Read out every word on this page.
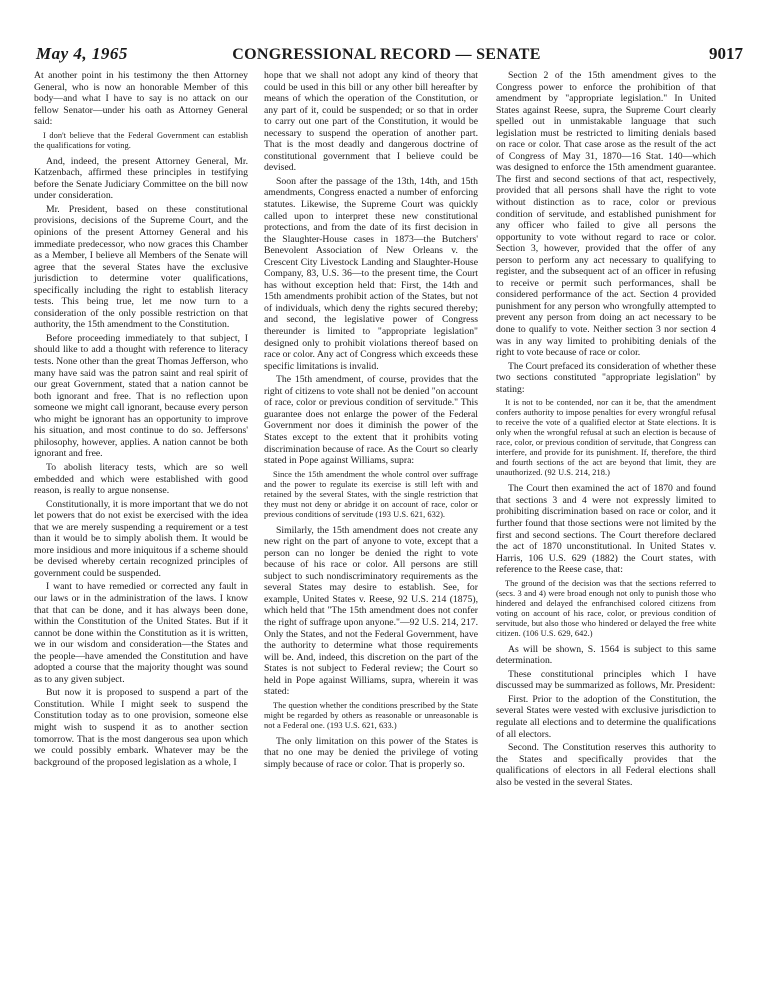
May 4, 1965	CONGRESSIONAL RECORD — SENATE	9017

At another point in his testimony the then Attorney General, who is now an honorable Member of this body—and what I have to say is no attack on our fellow Senator—under his oath as Attorney General said:

I don't believe that the Federal Government can establish the qualifications for voting.

And, indeed, the present Attorney General, Mr. Katzenbach, affirmed these principles in testifying before the Senate Judiciary Committee on the bill now under consideration.

Mr. President, based on these constitutional provisions, decisions of the Supreme Court, and the opinions of the present Attorney General and his immediate predecessor, who now graces this Chamber as a Member, I believe all Members of the Senate will agree that the several States have the exclusive jurisdiction to determine voter qualifications, specifically including the right to establish literacy tests. This being true, let me now turn to a consideration of the only possible restriction on that authority, the 15th amendment to the Constitution.

Before proceeding immediately to that subject, I should like to add a thought with reference to literacy tests. None other than the great Thomas Jefferson, who many have said was the patron saint and real spirit of our great Government, stated that a nation cannot be both ignorant and free. That is no reflection upon someone we might call ignorant, because every person who might be ignorant has an opportunity to improve his situation, and most continue to do so. Jeffersons' philosophy, however, applies. A nation cannot be both ignorant and free.

To abolish literacy tests, which are so well embedded and which were established with good reason, is really to argue nonsense.

Constitutionally, it is more important that we do not let powers that do not exist be exercised with the idea that we are merely suspending a requirement or a test than it would be to simply abolish them. It would be more insidious and more iniquitous if a scheme should be devised whereby certain recognized principles of government could be suspended.

I want to have remedied or corrected any fault in our laws or in the administration of the laws. I know that that can be done, and it has always been done, within the Constitution of the United States. But if it cannot be done within the Constitution as it is written, we in our wisdom and consideration—the States and the people—have amended the Constitution and have adopted a course that the majority thought was sound as to any given subject.

But now it is proposed to suspend a part of the Constitution. While I might seek to suspend the Constitution today as to one provision, someone else might wish to suspend it as to another section tomorrow. That is the most dangerous sea upon which we could possibly embark. Whatever may be the background of the proposed legislation as a whole, I

hope that we shall not adopt any kind of theory that could be used in this bill or any other bill hereafter by means of which the operation of the Constitution, or any part of it, could be suspended; or so that in order to carry out one part of the Constitution, it would be necessary to suspend the operation of another part. That is the most deadly and dangerous doctrine of constitutional government that I believe could be devised.

Soon after the passage of the 13th, 14th, and 15th amendments, Congress enacted a number of enforcing statutes. Likewise, the Supreme Court was quickly called upon to interpret these new constitutional protections, and from the date of its first decision in the Slaughter-House cases in 1873—the Butchers' Benevolent Association of New Orleans v. the Crescent City Livestock Landing and Slaughter-House Company, 83, U.S. 36—to the present time, the Court has without exception held that: First, the 14th and 15th amendments prohibit action of the States, but not of individuals, which deny the rights secured thereby; and second, the legislative power of Congress thereunder is limited to "appropriate legislation" designed only to prohibit violations thereof based on race or color. Any act of Congress which exceeds these specific limitations is invalid.

The 15th amendment, of course, provides that the right of citizens to vote shall not be denied "on account of race, color or previous condition of servitude." This guarantee does not enlarge the power of the Federal Government nor does it diminish the power of the States except to the extent that it prohibits voting discrimination because of race. As the Court so clearly stated in Pope against Williams, supra:

Since the 15th amendment the whole control over suffrage and the power to regulate its exercise is still left with and retained by the several States, with the single restriction that they must not deny or abridge it on account of race, color or previous conditions of servitude (193 U.S. 621, 632).

Similarly, the 15th amendment does not create any new right on the part of anyone to vote, except that a person can no longer be denied the right to vote because of his race or color. All persons are still subject to such nondiscriminatory requirements as the several States may desire to establish. See, for example, United States v. Reese, 92 U.S. 214 (1875), which held that "The 15th amendment does not confer the right of suffrage upon anyone."—92 U.S. 214, 217. Only the States, and not the Federal Government, have the authority to determine what those requirements will be. And, indeed, this discretion on the part of the States is not subject to Federal review; the Court so held in Pope against Williams, supra, wherein it was stated:

The question whether the conditions prescribed by the State might be regarded by others as reasonable or unreasonable is not a Federal one. (193 U.S. 621, 633.)

The only limitation on this power of the States is that no one may be denied the privilege of voting simply because of race or color. That is properly so.

Section 2 of the 15th amendment gives to the Congress power to enforce the prohibition of that amendment by "appropriate legislation." In United States against Reese, supra, the Supreme Court clearly spelled out in unmistakable language that such legislation must be restricted to limiting denials based on race or color. That case arose as the result of the act of Congress of May 31, 1870—16 Stat. 140—which was designed to enforce the 15th amendment guarantee. The first and second sections of that act, respectively, provided that all persons shall have the right to vote without distinction as to race, color or previous condition of servitude, and established punishment for any officer who failed to give all persons the opportunity to vote without regard to race or color. Section 3, however, provided that the offer of any person to perform any act necessary to qualifying to register, and the subsequent act of an officer in refusing to receive or permit such performances, shall be considered performance of the act. Section 4 provided punishment for any person who wrongfully attempted to prevent any person from doing an act necessary to be done to qualify to vote. Neither section 3 nor section 4 was in any way limited to prohibiting denials of the right to vote because of race or color.

The Court prefaced its consideration of whether these two sections constituted "appropriate legislation" by stating:

It is not to be contended, nor can it be, that the amendment confers authority to impose penalties for every wrongful refusal to receive the vote of a qualified elector at State elections. It is only when the wrongful refusal at such an election is because of race, color, or previous condition of servitude, that Congress can interfere, and provide for its punishment. If, therefore, the third and fourth sections of the act are beyond that limit, they are unauthorized. (92 U.S. 214, 218.)

The Court then examined the act of 1870 and found that sections 3 and 4 were not expressly limited to prohibiting discrimination based on race or color, and it further found that those sections were not limited by the first and second sections. The Court therefore declared the act of 1870 unconstitutional. In United States v. Harris, 106 U.S. 629 (1882) the Court states, with reference to the Reese case, that:

The ground of the decision was that the sections referred to (secs. 3 and 4) were broad enough not only to punish those who hindered and delayed the enfranchised colored citizens from voting on account of his race, color, or previous condition of servitude, but also those who hindered or delayed the free white citizen. (106 U.S. 629, 642.)

As will be shown, S. 1564 is subject to this same determination.

These constitutional principles which I have discussed may be summarized as follows, Mr. President:

First. Prior to the adoption of the Constitution, the several States were vested with exclusive jurisdiction to regulate all elections and to determine the qualifications of all electors.

Second. The Constitution reserves this authority to the States and specifically provides that the qualifications of electors in all Federal elections shall also be vested in the several States.
